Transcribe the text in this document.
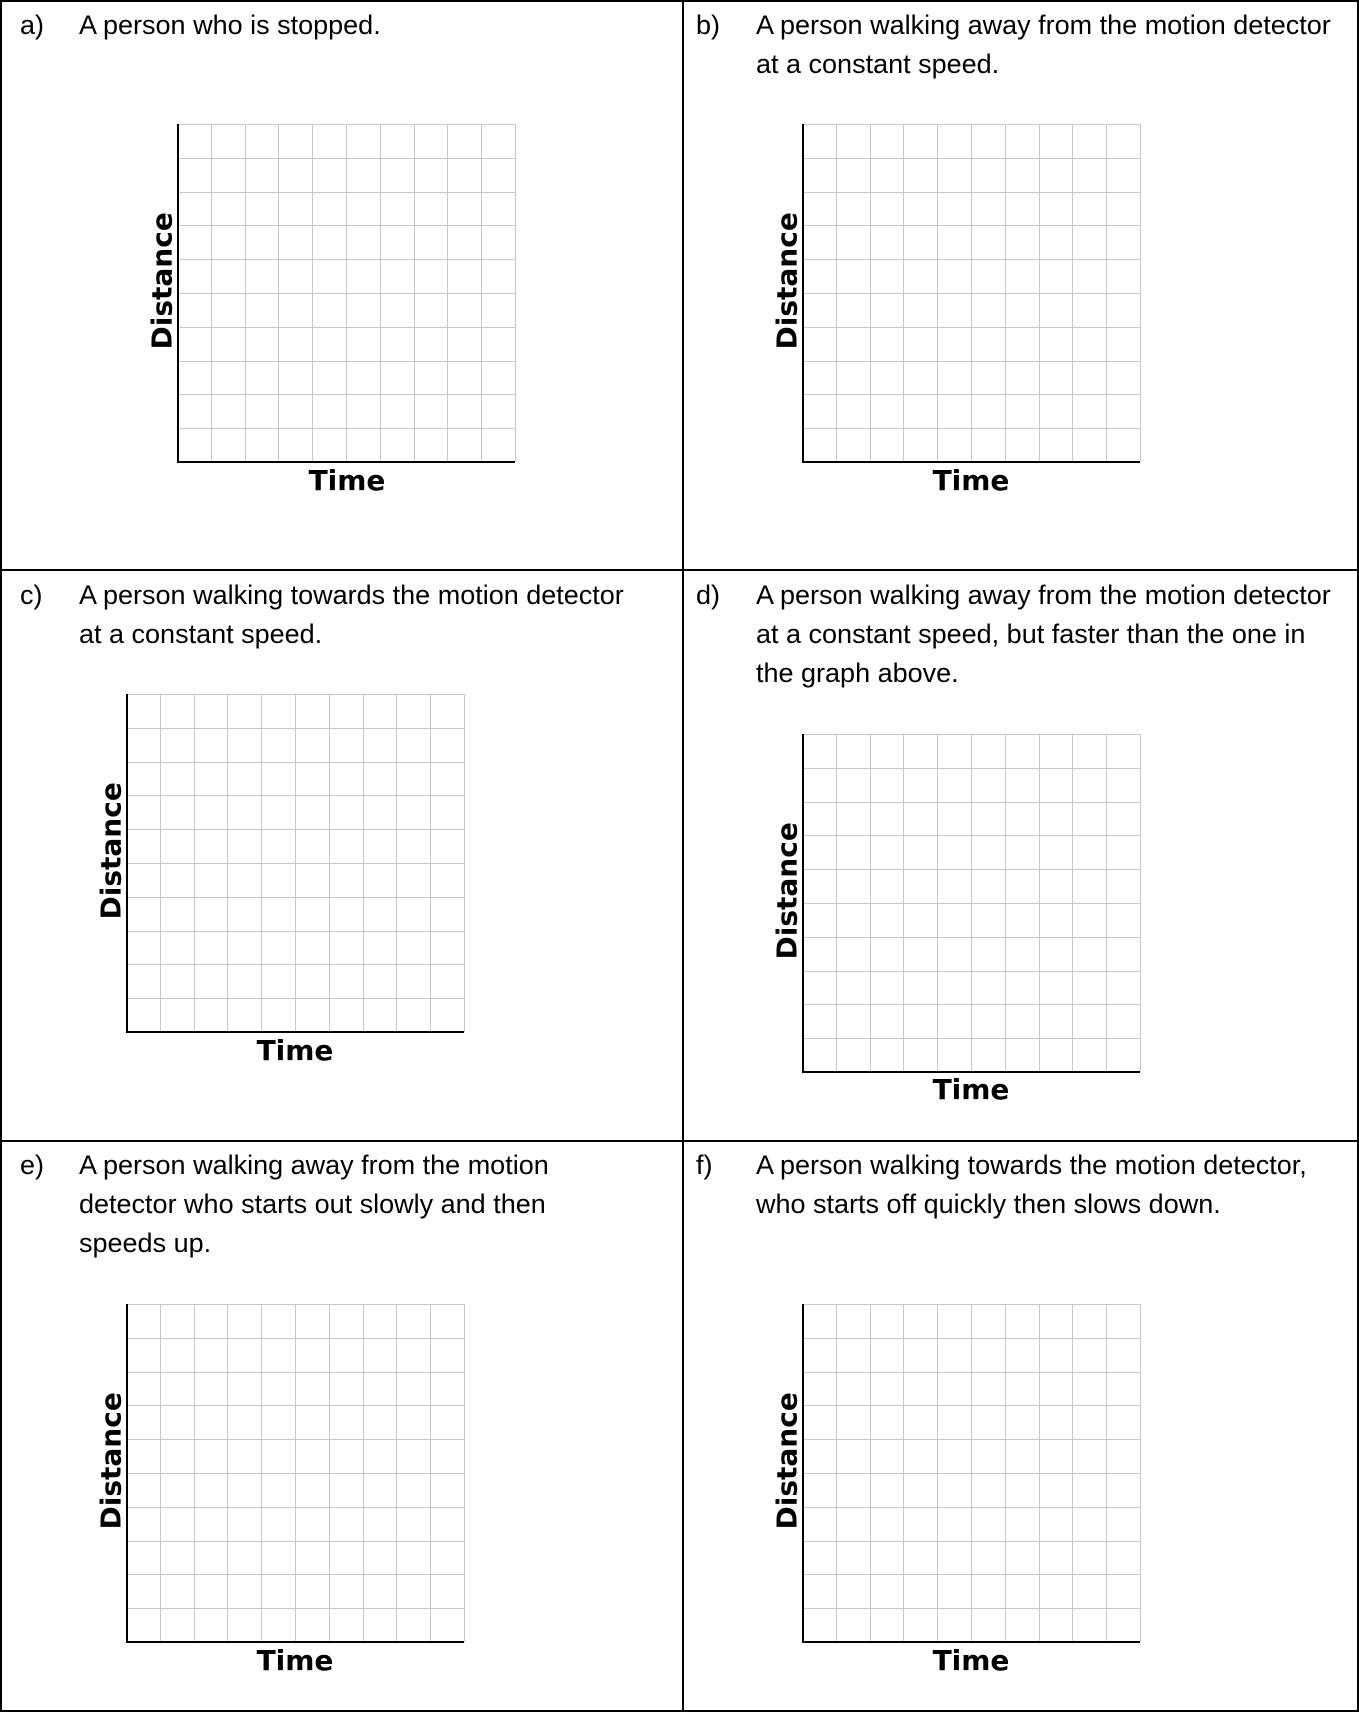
a) A person who is stopped.
Distance
Time
b) A person walking away from the motion detector at a constant speed.
Distance
Time
c) A person walking towards the motion detector at a constant speed.
Distance
Time
d) A person walking away from the motion detector at a constant speed, but faster than the one in the graph above.
Distance
Time
e) A person walking away from the motion detector who starts out slowly and then speeds up.
Distance
Time
f) A person walking towards the motion detector, who starts off quickly then slows down.
Distance
Time
